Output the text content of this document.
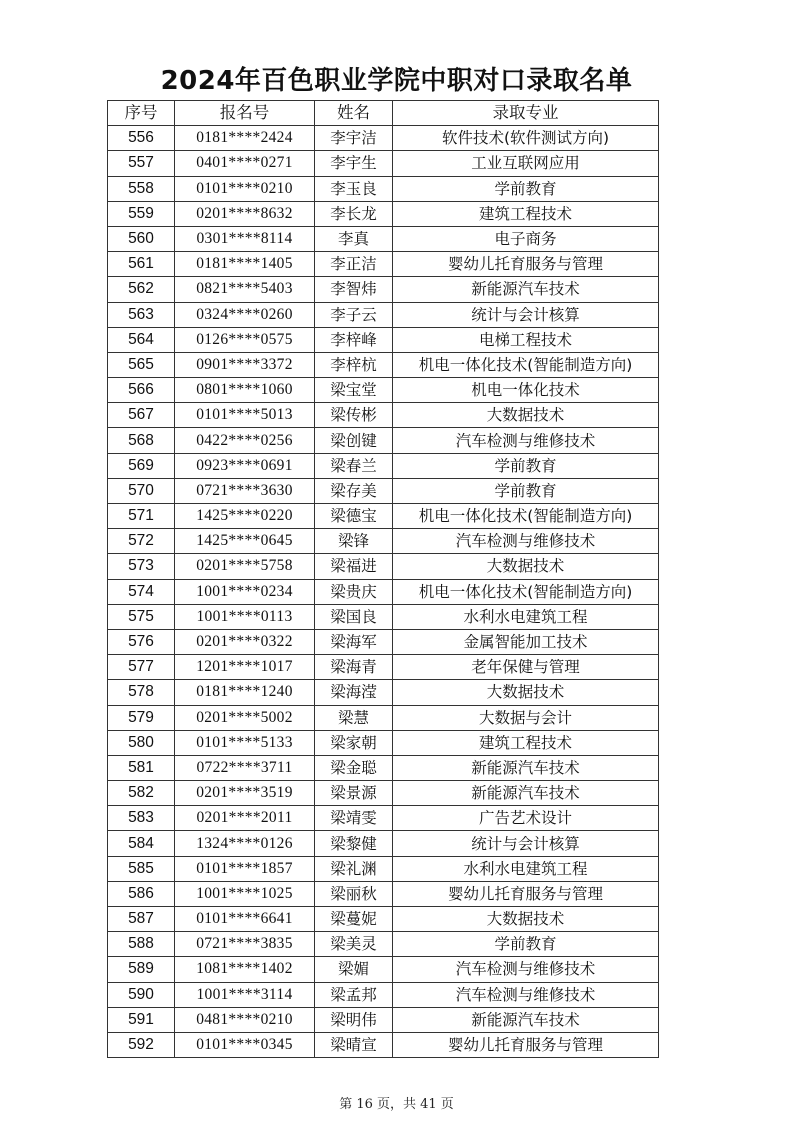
2024年百色职业学院中职对口录取名单
序号	报名号	姓名	录取专业
556	0181****2424	李宇洁	软件技术(软件测试方向)
557	0401****0271	李宇生	工业互联网应用
558	0101****0210	李玉良	学前教育
559	0201****8632	李长龙	建筑工程技术
560	0301****8114	李真	电子商务
561	0181****1405	李正洁	婴幼儿托育服务与管理
562	0821****5403	李智炜	新能源汽车技术
563	0324****0260	李子云	统计与会计核算
564	0126****0575	李梓峰	电梯工程技术
565	0901****3372	李梓杭	机电一体化技术(智能制造方向)
566	0801****1060	梁宝堂	机电一体化技术
567	0101****5013	梁传彬	大数据技术
568	0422****0256	梁创键	汽车检测与维修技术
569	0923****0691	梁春兰	学前教育
570	0721****3630	梁存美	学前教育
571	1425****0220	梁德宝	机电一体化技术(智能制造方向)
572	1425****0645	梁锋	汽车检测与维修技术
573	0201****5758	梁福进	大数据技术
574	1001****0234	梁贵庆	机电一体化技术(智能制造方向)
575	1001****0113	梁国良	水利水电建筑工程
576	0201****0322	梁海军	金属智能加工技术
577	1201****1017	梁海青	老年保健与管理
578	0181****1240	梁海滢	大数据技术
579	0201****5002	梁慧	大数据与会计
580	0101****5133	梁家朝	建筑工程技术
581	0722****3711	梁金聪	新能源汽车技术
582	0201****3519	梁景源	新能源汽车技术
583	0201****2011	梁靖雯	广告艺术设计
584	1324****0126	梁黎健	统计与会计核算
585	0101****1857	梁礼渊	水利水电建筑工程
586	1001****1025	梁丽秋	婴幼儿托育服务与管理
587	0101****6641	梁蔓妮	大数据技术
588	0721****3835	梁美灵	学前教育
589	1081****1402	梁媚	汽车检测与维修技术
590	1001****3114	梁孟邦	汽车检测与维修技术
591	0481****0210	梁明伟	新能源汽车技术
592	0101****0345	梁晴宣	婴幼儿托育服务与管理
第 16 页，共 41 页
